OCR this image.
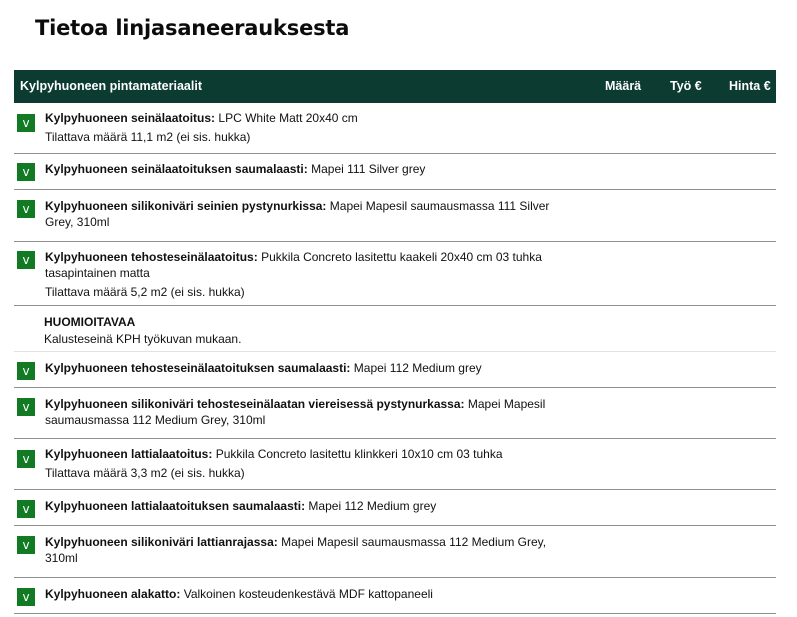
Tietoa linjasaneerauksesta
Kylpyhuoneen pintamateriaalit	Määrä Työ € Hinta €
v	Kylpyhuoneen seinälaatoitus: LPC White Matt 20x40 cm
Tilattava määrä 11,1 m2 (ei sis. hukka)
v	Kylpyhuoneen seinälaatoituksen saumalaasti: Mapei 111 Silver grey
v	Kylpyhuoneen silikoniväri seinien pystynurkissa: Mapei Mapesil saumausmassa 111 Silver Grey, 310ml
v	Kylpyhuoneen tehosteseinälaatoitus: Pukkila Concreto lasitettu kaakeli 20x40 cm 03 tuhka tasapintainen matta
Tilattava määrä 5,2 m2 (ei sis. hukka)
HUOMIOITAVAA
Kalusteseinä KPH työkuvan mukaan.
v	Kylpyhuoneen tehosteseinälaatoituksen saumalaasti: Mapei 112 Medium grey
v	Kylpyhuoneen silikoniväri tehosteseinälaatan viereisessä pystynurkassa: Mapei Mapesil saumausmassa 112 Medium Grey, 310ml
v	Kylpyhuoneen lattialaatoitus: Pukkila Concreto lasitettu klinkkeri 10x10 cm 03 tuhka
Tilattava määrä 3,3 m2 (ei sis. hukka)
v	Kylpyhuoneen lattialaatoituksen saumalaasti: Mapei 112 Medium grey
v	Kylpyhuoneen silikoniväri lattianrajassa: Mapei Mapesil saumausmassa 112 Medium Grey, 310ml
v	Kylpyhuoneen alakatto: Valkoinen kosteudenkestävä MDF kattopaneeli
